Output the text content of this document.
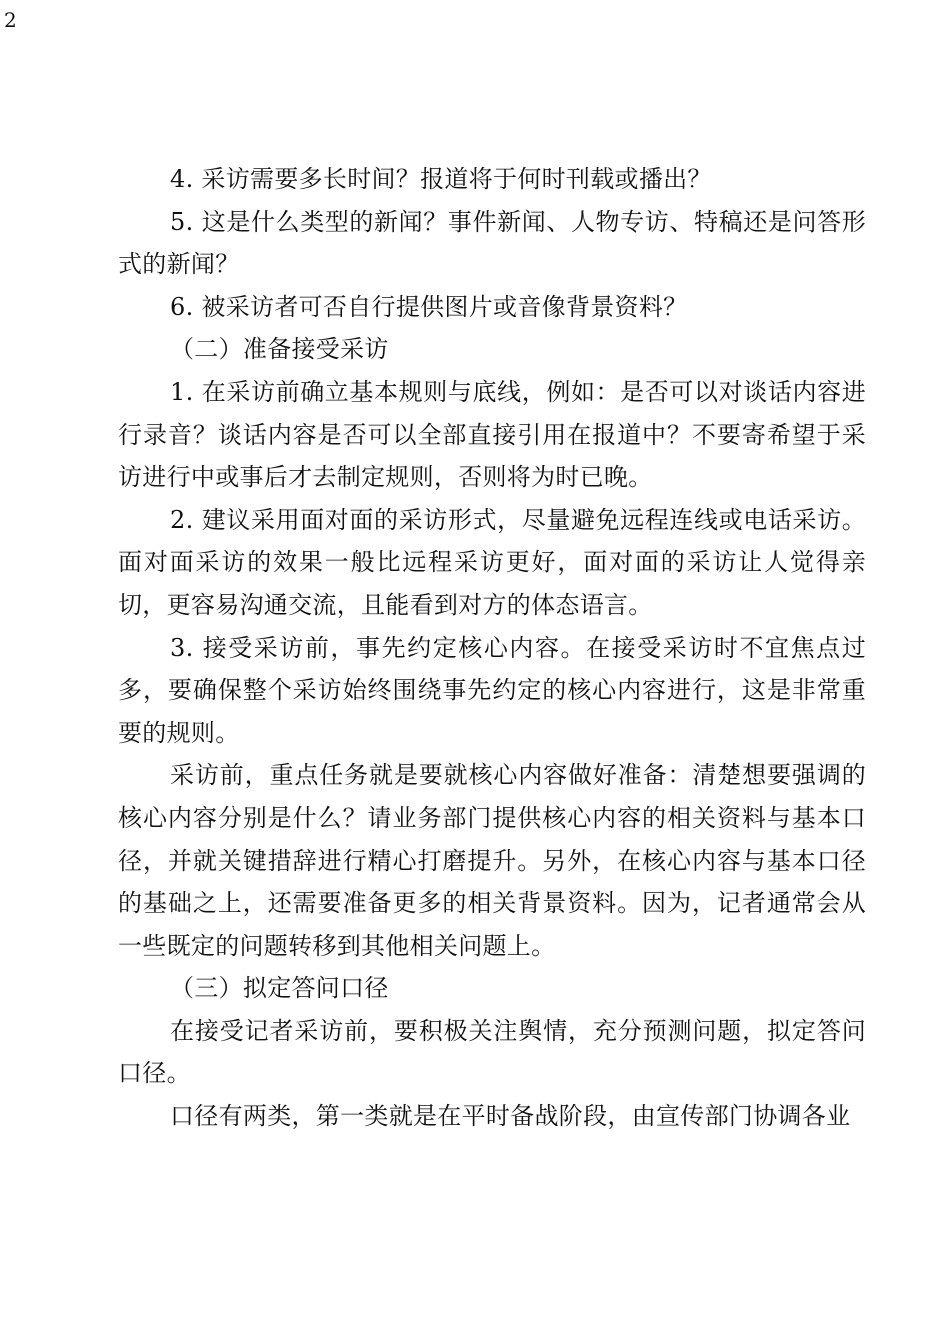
2

4. 采访需要多长时间？报道将于何时刊载或播出？

5. 这是什么类型的新闻？事件新闻、人物专访、特稿还是问答形式的新闻？

6. 被采访者可否自行提供图片或音像背景资料？

（二）准备接受采访

1. 在采访前确立基本规则与底线，例如：是否可以对谈话内容进行录音？谈话内容是否可以全部直接引用在报道中？不要寄希望于采访进行中或事后才去制定规则，否则将为时已晚。

2. 建议采用面对面的采访形式，尽量避免远程连线或电话采访。面对面采访的效果一般比远程采访更好，面对面的采访让人觉得亲切，更容易沟通交流，且能看到对方的体态语言。

3. 接受采访前，事先约定核心内容。在接受采访时不宜焦点过多，要确保整个采访始终围绕事先约定的核心内容进行，这是非常重要的规则。

采访前，重点任务就是要就核心内容做好准备：清楚想要强调的核心内容分别是什么？请业务部门提供核心内容的相关资料与基本口径，并就关键措辞进行精心打磨提升。另外，在核心内容与基本口径的基础之上，还需要准备更多的相关背景资料。因为，记者通常会从一些既定的问题转移到其他相关问题上。

（三）拟定答问口径

在接受记者采访前，要积极关注舆情，充分预测问题，拟定答问口径。

口径有两类，第一类就是在平时备战阶段，由宣传部门协调各业
